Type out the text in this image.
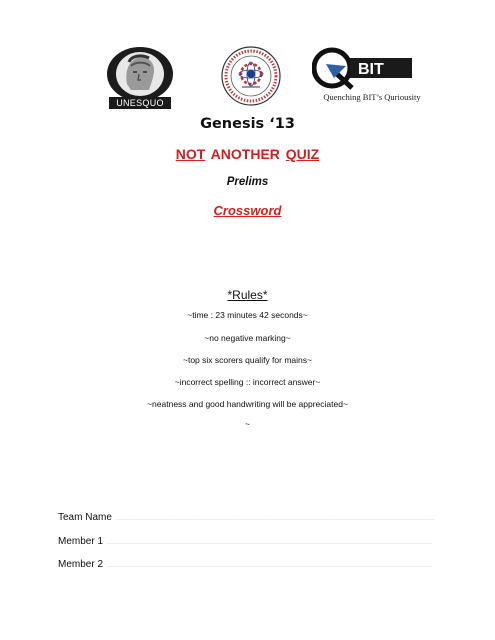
UNESQUO
BIT
Quenching BIT’s Quriousity
Genesis ‘13
NOT ANOTHER QUIZ
Prelims
Crossword
*Rules*
~time : 23 minutes 42 seconds~
~no negative marking~
~top six scorers qualify for mains~
~incorrect spelling :: incorrect answer~
~neatness and good handwriting will be appreciated~
~
Team Name …………………………………………………………………………………………………………………………………………………………………………………………………………………………………………………………………………………
Member 1 ……………………………………………………………………………………………………………………………………………………………………………………………………………………………………………………………………………………………….
Member 2 ……………………………………………………………………………………………………………………………………………………………………………………………………………………………………………………………………………………………….
